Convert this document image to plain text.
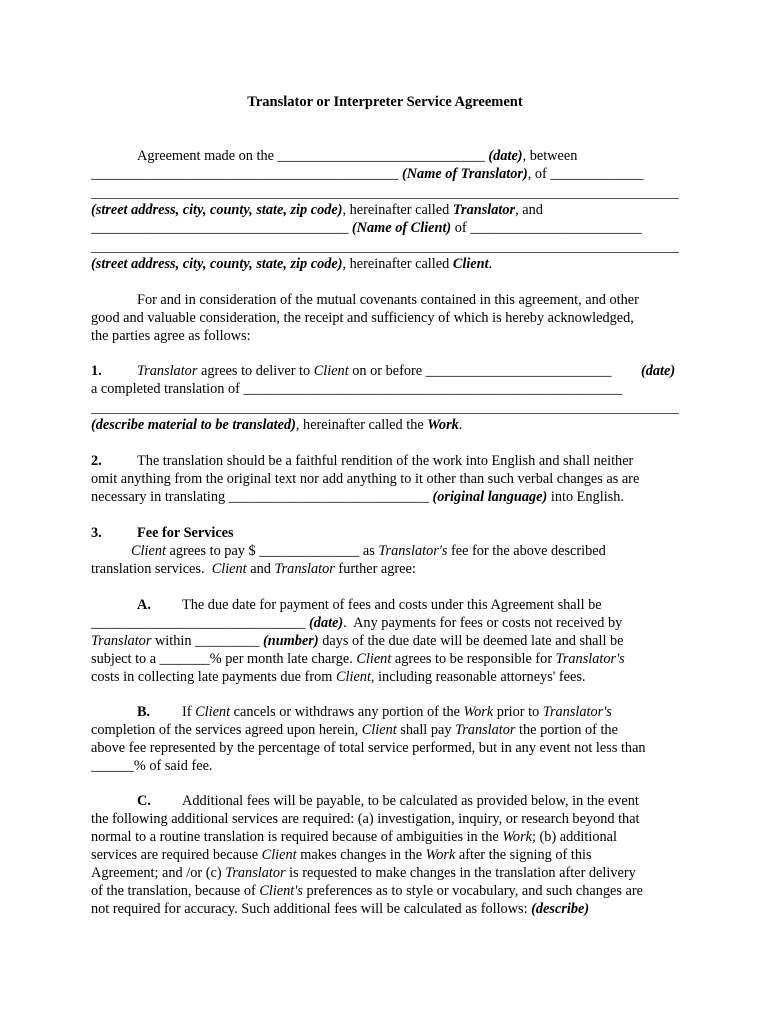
Translator or Interpreter Service Agreement
Agreement made on the _____________________________ (date), between
___________________________________________ (Name of Translator), of _____________
(street address, city, county, state, zip code), hereinafter called Translator, and
____________________________________ (Name of Client) of ________________________
(street address, city, county, state, zip code), hereinafter called Client.
For and in consideration of the mutual covenants contained in this agreement, and other
good and valuable consideration, the receipt and sufficiency of which is hereby acknowledged,
the parties agree as follows:
1. Translator agrees to deliver to Client on or before __________________________ (date)
a completed translation of _____________________________________________________
(describe material to be translated), hereinafter called the Work.
2. The translation should be a faithful rendition of the work into English and shall neither
omit anything from the original text nor add anything to it other than such verbal changes as are
necessary in translating ____________________________ (original language) into English.
3. Fee for Services
Client agrees to pay $ ______________ as Translator's fee for the above described
translation services.  Client and Translator further agree:
A. The due date for payment of fees and costs under this Agreement shall be
______________________________ (date).  Any payments for fees or costs not received by
Translator within _________ (number) days of the due date will be deemed late and shall be
subject to a _______% per month late charge. Client agrees to be responsible for Translator's
costs in collecting late payments due from Client, including reasonable attorneys' fees.
B. If Client cancels or withdraws any portion of the Work prior to Translator's
completion of the services agreed upon herein, Client shall pay Translator the portion of the
above fee represented by the percentage of total service performed, but in any event not less than
______% of said fee.
C. Additional fees will be payable, to be calculated as provided below, in the event
the following additional services are required: (a) investigation, inquiry, or research beyond that
normal to a routine translation is required because of ambiguities in the Work; (b) additional
services are required because Client makes changes in the Work after the signing of this
Agreement; and /or (c) Translator is requested to make changes in the translation after delivery
of the translation, because of Client's preferences as to style or vocabulary, and such changes are
not required for accuracy. Such additional fees will be calculated as follows: (describe)
